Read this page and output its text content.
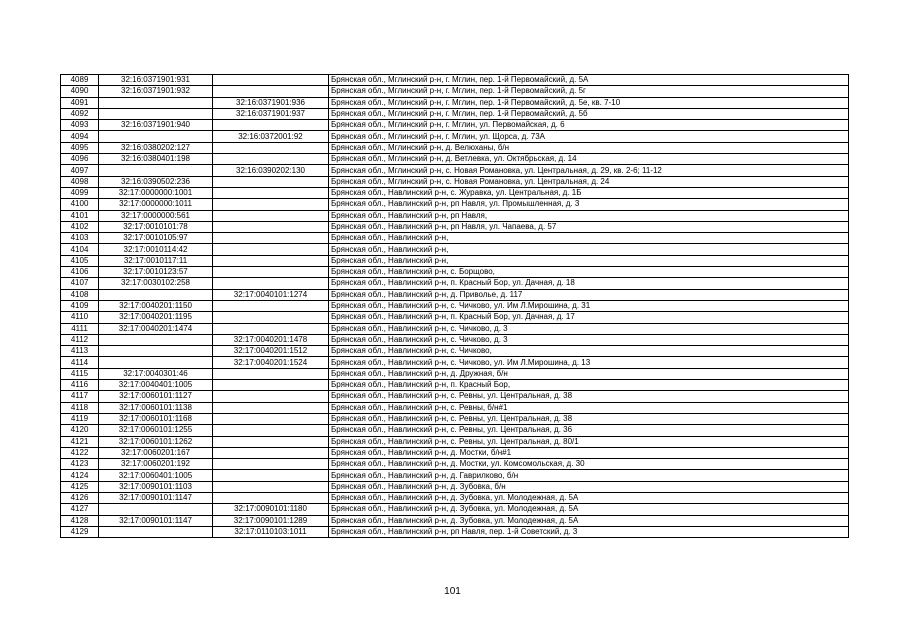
4089	32:16:0371901:931		Брянская обл., Мглинский р-н, г. Мглин, пер. 1-й Первомайский, д. 5А
4090	32:16:0371901:932		Брянская обл., Мглинский р-н, г. Мглин, пер. 1-й Первомайский, д. 5г
4091		32:16:0371901:936	Брянская обл., Мглинский р-н, г. Мглин, пер. 1-й Первомайский, д. 5е, кв. 7-10
4092		32:16:0371901:937	Брянская обл., Мглинский р-н, г. Мглин, пер. 1-й Первомайский, д. 5б
4093	32:16:0371901:940		Брянская обл., Мглинский р-н, г. Мглин, ул. Первомайская, д. 6
4094		32:16:0372001:92	Брянская обл., Мглинский р-н, г. Мглин, ул. Щорса, д. 73А
4095	32:16:0380202:127		Брянская обл., Мглинский р-н, д. Велюханы, б/н
4096	32:16:0380401:198		Брянская обл., Мглинский р-н, д. Ветлевка, ул. Октябрьская, д. 14
4097		32:16:0390202:130	Брянская обл., Мглинский р-н, с. Новая Романовка, ул. Центральная, д. 29, кв. 2-6; 11-12
4098	32:16:0390502:236		Брянская обл., Мглинский р-н, с. Новая Романовка, ул. Центральная, д. 24
4099	32:17:0000000:1001		Брянская обл., Навлинский р-н, с. Журавка, ул. Центральная, д. 1Б
4100	32:17:0000000:1011		Брянская обл., Навлинский р-н, рп Навля, ул. Промышленная, д. 3
4101	32:17:0000000:561		Брянская обл., Навлинский р-н, рп Навля,
4102	32:17:0010101:78		Брянская обл., Навлинский р-н, рп Навля, ул. Чапаева, д. 57
4103	32:17:0010105:97		Брянская обл., Навлинский р-н,
4104	32:17:0010114:42		Брянская обл., Навлинский р-н,
4105	32:17:0010117:11		Брянская обл., Навлинский р-н,
4106	32:17:0010123:57		Брянская обл., Навлинский р-н, с. Борщово,
4107	32:17:0030102:258		Брянская обл., Навлинский р-н, п. Красный Бор, ул. Дачная, д. 18
4108		32:17:0040101:1274	Брянская обл., Навлинский р-н, д. Приволье, д. 117
4109	32:17:0040201:1150		Брянская обл., Навлинский р-н, с. Чичково, ул. Им Л.Мирошина, д. 31
4110	32:17:0040201:1195		Брянская обл., Навлинский р-н, п. Красный Бор, ул. Дачная, д. 17
4111	32:17:0040201:1474		Брянская обл., Навлинский р-н, с. Чичково, д. 3
4112		32:17:0040201:1478	Брянская обл., Навлинский р-н, с. Чичково, д. 3
4113		32:17:0040201:1512	Брянская обл., Навлинский р-н, с. Чичково,
4114		32:17:0040201:1524	Брянская обл., Навлинский р-н, с. Чичково, ул. Им Л.Мирошина, д. 13
4115	32:17:0040301:46		Брянская обл., Навлинский р-н, д. Дружная, б/н
4116	32:17:0040401:1005		Брянская обл., Навлинский р-н, п. Красный Бор,
4117	32:17:0060101:1127		Брянская обл., Навлинский р-н, с. Ревны, ул. Центральная, д. 38
4118	32:17:0060101:1138		Брянская обл., Навлинский р-н, с. Ревны, б/н#1
4119	32:17:0060101:1168		Брянская обл., Навлинский р-н, с. Ревны, ул. Центральная, д. 38
4120	32:17:0060101:1255		Брянская обл., Навлинский р-н, с. Ревны, ул. Центральная, д. 36
4121	32:17:0060101:1262		Брянская обл., Навлинский р-н, с. Ревны, ул. Центральная, д. 80/1
4122	32:17:0060201:167		Брянская обл., Навлинский р-н, д. Мостки, б/н#1
4123	32:17:0060201:192		Брянская обл., Навлинский р-н, д. Мостки, ул. Комсомольская, д. 30
4124	32:17:0060401:1005		Брянская обл., Навлинский р-н, д. Гаврилково, б/н
4125	32:17:0090101:1103		Брянская обл., Навлинский р-н, д. Зубовка, б/н
4126	32:17:0090101:1147		Брянская обл., Навлинский р-н, д. Зубовка, ул. Молодежная, д. 5А
4127		32:17:0090101:1180	Брянская обл., Навлинский р-н, д. Зубовка, ул. Молодежная, д. 5А
4128	32:17:0090101:1147	32:17:0090101:1289	Брянская обл., Навлинский р-н, д. Зубовка, ул. Молодежная, д. 5А
4129		32:17:0110103:1011	Брянская обл., Навлинский р-н, рп Навля, пер. 1-й Советский, д. 3
101
